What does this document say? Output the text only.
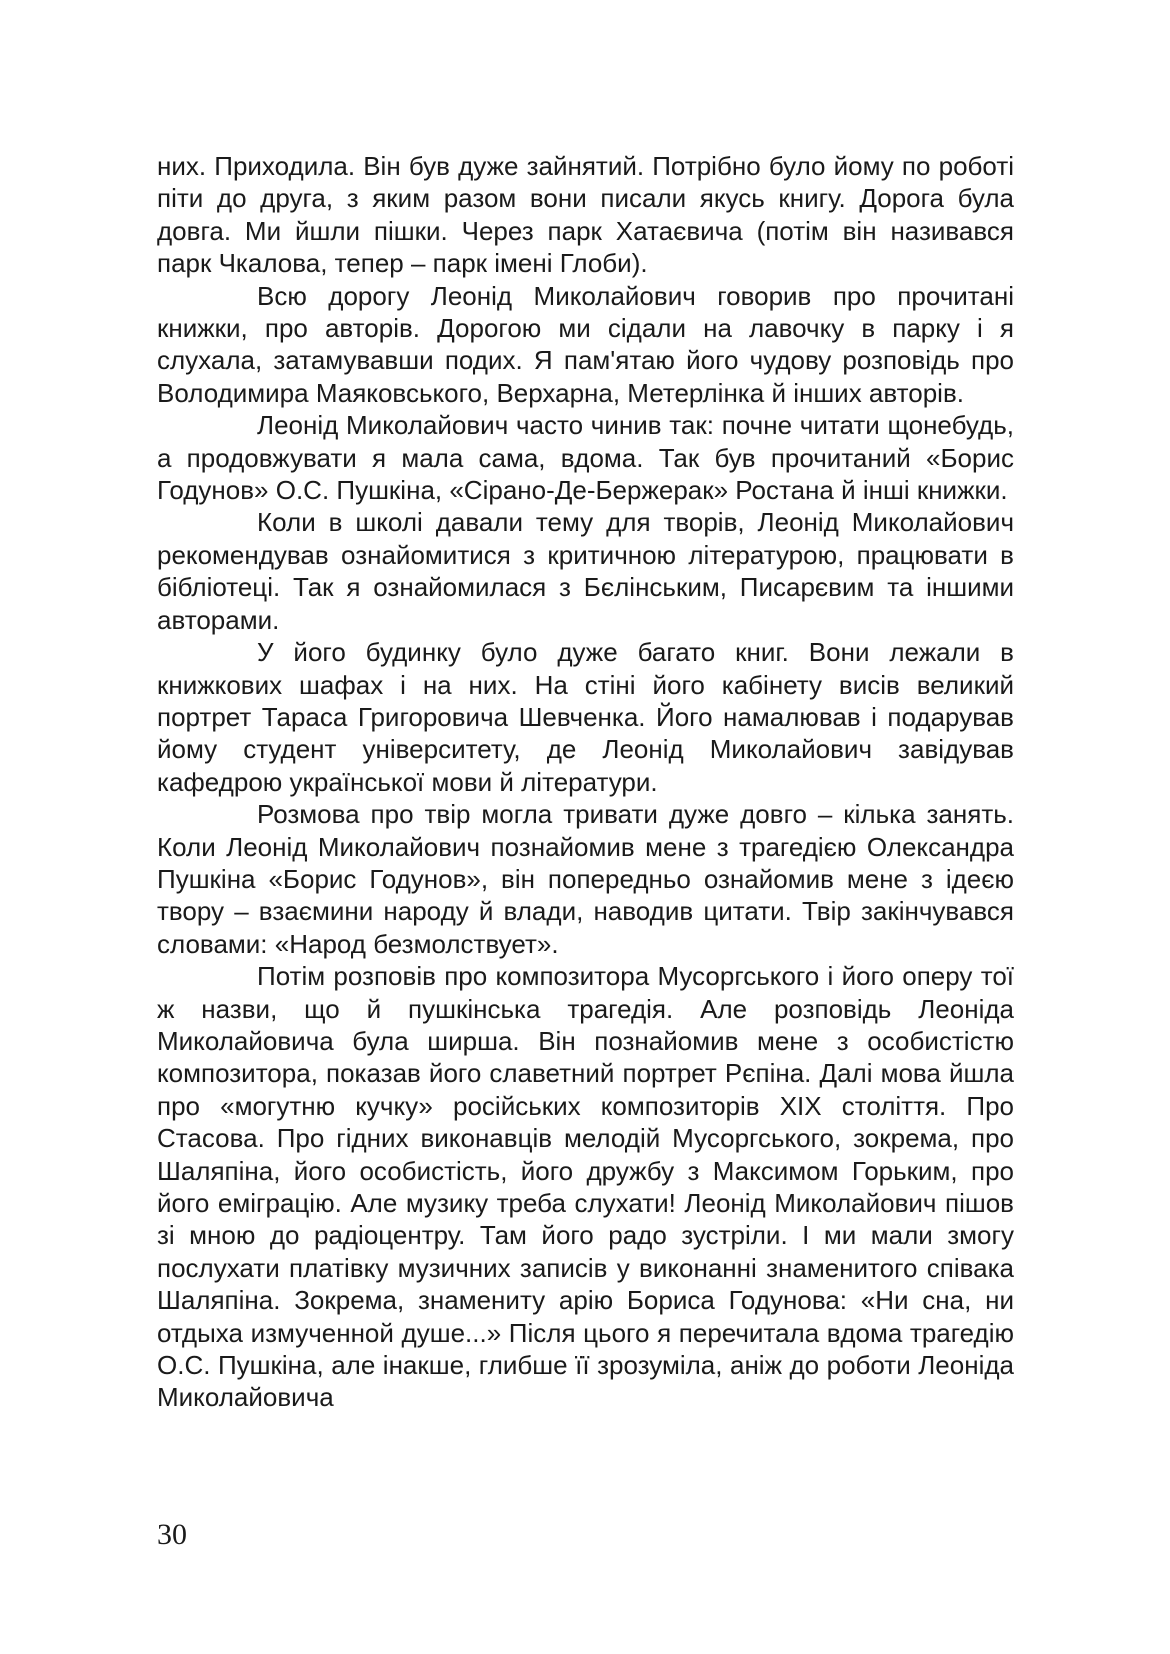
них. Приходила. Він був дуже зайнятий. Потрібно було йому по роботі піти до друга, з яким разом вони писали якусь книгу. Дорога була довга. Ми йшли пішки. Через парк Хатаєвича (потім він називався парк Чкалова, тепер – парк імені Глоби).

Всю дорогу Леонід Миколайович говорив про прочитані книжки, про авторів. Дорогою ми сідали на лавочку в парку і я слухала, затамувавши подих. Я пам'ятаю його чудову розповідь про Володимира Маяковського, Верхарна, Метерлінка й інших авторів.

Леонід Миколайович часто чинив так: почне читати щонебудь, а продовжувати я мала сама, вдома. Так був прочитаний «Борис Годунов» О.С. Пушкіна, «Сірано-Де-Бержерак» Ростана й інші книжки.

Коли в школі давали тему для творів, Леонід Миколайович рекомендував ознайомитися з критичною літературою, працювати в бібліотеці. Так я ознайомилася з Бєлінським, Писарєвим та іншими авторами.

У його будинку було дуже багато книг. Вони лежали в книжкових шафах і на них. На стіні його кабінету висів великий портрет Тараса Григоровича Шевченка. Його намалював і подарував йому студент університету, де Леонід Миколайович завідував кафедрою української мови й літератури.

Розмова про твір могла тривати дуже довго – кілька занять. Коли Леонід Миколайович познайомив мене з трагедією Олександра Пушкіна «Борис Годунов», він попередньо ознайомив мене з ідеєю твору – взаємини народу й влади, наводив цитати. Твір закінчувався словами: «Народ безмолствует».

Потім розповів про композитора Мусоргського і його оперу тої ж назви, що й пушкінська трагедія. Але розповідь Леоніда Миколайовича була ширша. Він познайомив мене з особистістю композитора, показав його славетний портрет Рєпіна. Далі мова йшла про «могутню кучку» російських композиторів XIX століття. Про Стасова. Про гідних виконавців мелодій Мусоргського, зокрема, про Шаляпіна, його особистість, його дружбу з Максимом Горьким, про його еміграцію. Але музику треба слухати! Леонід Миколайович пішов зі мною до радіоцентру. Там його радо зустріли. І ми мали змогу послухати платівку музичних записів у виконанні знаменитого співака Шаляпіна. Зокрема, знамениту арію Бориса Годунова: «Ни сна, ни отдыха измученной душе...» Після цього я перечитала вдома трагедію О.С. Пушкіна, але інакше, глибше її зрозуміла, аніж до роботи Леоніда Миколайовича

30
